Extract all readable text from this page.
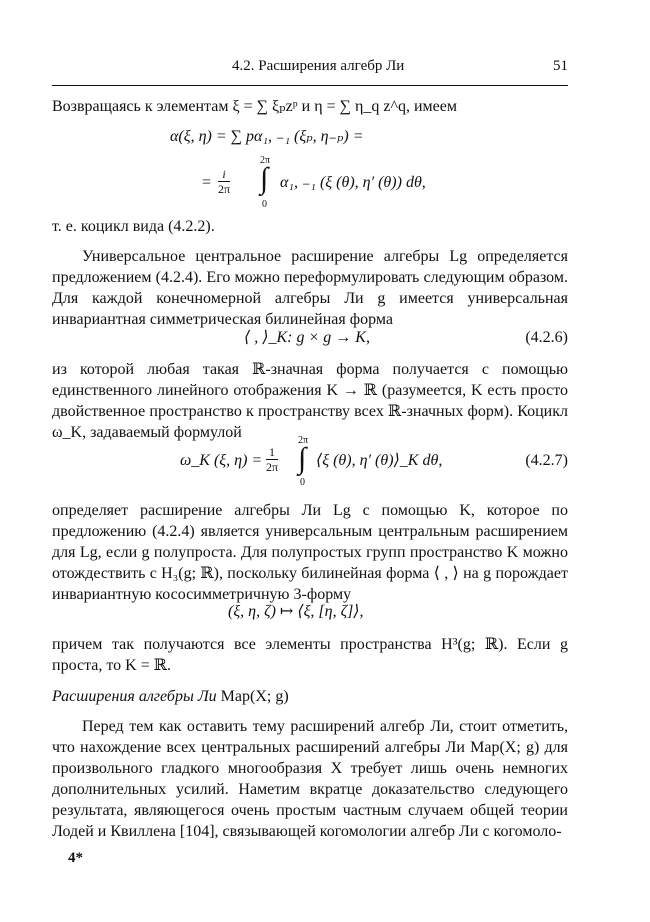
4.2. Расширения алгебр Ли	51

Возвращаясь к элементам ξ = ∑ ξₚzᵖ и η = ∑ η_q z^q, имеем

α(ξ, η) = ∑ pα₁, ₋₁ (ξₚ, η₋ₚ) =
= $\frac{i}{2\pi}$
2π
∫
0
α₁, ₋₁ (ξ (θ), η′ (θ)) dθ,

т. е. коцикл вида (4.2.2).

Универсальное центральное расширение алгебры Lg определяется предложением (4.2.4). Его можно переформулировать следующим образом. Для каждой конечномерной алгебры Ли g имеется универсальная инвариантная симметрическая билинейная форма

⟨ , ⟩_K: g × g → K,	(4.2.6)

из которой любая такая ℝ-значная форма получается с помощью единственного линейного отображения K → ℝ (разумеется, K есть просто двойственное пространство к пространству всех ℝ-значных форм). Коцикл ω_K, задаваемый формулой

ω_K (ξ, $\eta) = \frac{1}{2\pi}$
2π
∫
0
⟨ξ (θ), η′ (θ)⟩_K dθ,	(4.2.7)

определяет расширение алгебры Ли Lg с помощью K, которое по предложению (4.2.4) является универсальным центральным расширением для Lg, если g полупроста. Для полупростых групп пространство K можно отождествить с H₃(g; ℝ), поскольку билинейная форма ⟨ , ⟩ на g порождает инвариантную кососимметричную 3-форму

(ξ, η, ζ) ↦ ⟨ξ, [η, ζ]⟩,

причем так получаются все элементы пространства H³(g; ℝ). Если g проста, то K = ℝ.

Расширения алгебры Ли Map(X; g)

Перед тем как оставить тему расширений алгебр Ли, стоит отметить, что нахождение всех центральных расширений алгебры Ли Map(X; g) для произвольного гладкого многообразия X требует лишь очень немногих дополнительных усилий. Наметим вкратце доказательство следующего результата, являющегося очень простым частным случаем общей теории Лодей и Квиллена [104], связывающей когомологии алгебр Ли с когомоло-

4*
